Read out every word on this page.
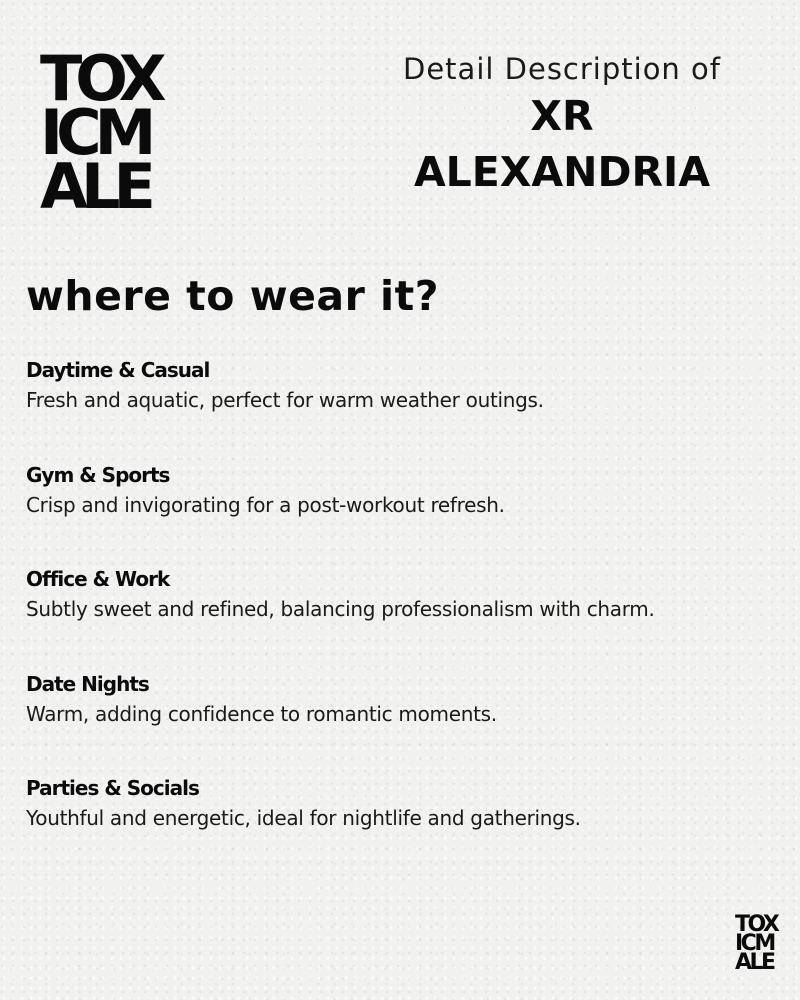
TOX
ICM
ALE

Detail Description of

XR

ALEXANDRIA

where to wear it?

Daytime & Casual

Fresh and aquatic, perfect for warm weather outings.

Gym & Sports

Crisp and invigorating for a post-workout refresh.

Office & Work

Subtly sweet and refined, balancing professionalism with charm.

Date Nights

Warm, adding confidence to romantic moments.

Parties & Socials

Youthful and energetic, ideal for nightlife and gatherings.

TOX
ICM
ALE
